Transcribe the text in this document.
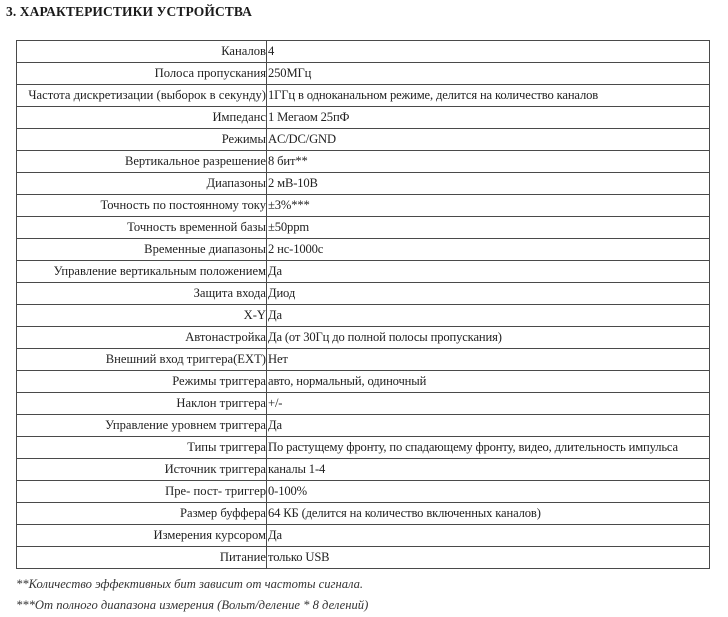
3. ХАРАКТЕРИСТИКИ УСТРОЙСТВА
Каналов	4
Полоса пропускания	250МГц
Частота дискретизации (выборок в секунду)	1ГГц в одноканальном режиме, делится на количество каналов
Импеданс	1 Мегаом 25пФ
Режимы	AC/DC/GND
Вертикальное разрешение	8 бит**
Диапазоны	2 мВ-10В
Точность по постоянному току	±3%***
Точность временной базы	±50ppm
Временные диапазоны	2 нс-1000с
Управление вертикальным положением	Да
Защита входа	Диод
X-Y	Да
Автонастройка	Да (от 30Гц до полной полосы пропускания)
Внешний вход триггера(EXT)	Нет
Режимы триггера	авто, нормальный, одиночный
Наклон триггера	+/-
Управление уровнем триггера	Да
Типы триггера	По растущему фронту, по спадающему фронту, видео, длительность импульса
Источник триггера	каналы 1-4
Пре- пост- триггер	0-100%
Размер буффера	64 КБ (делится на количество включенных каналов)
Измерения курсором	Да
Питание	только USB
**Количество эффективных бит зависит от частоты сигнала.
***От полного диапазона измерения (Вольт/деление * 8 делений)
